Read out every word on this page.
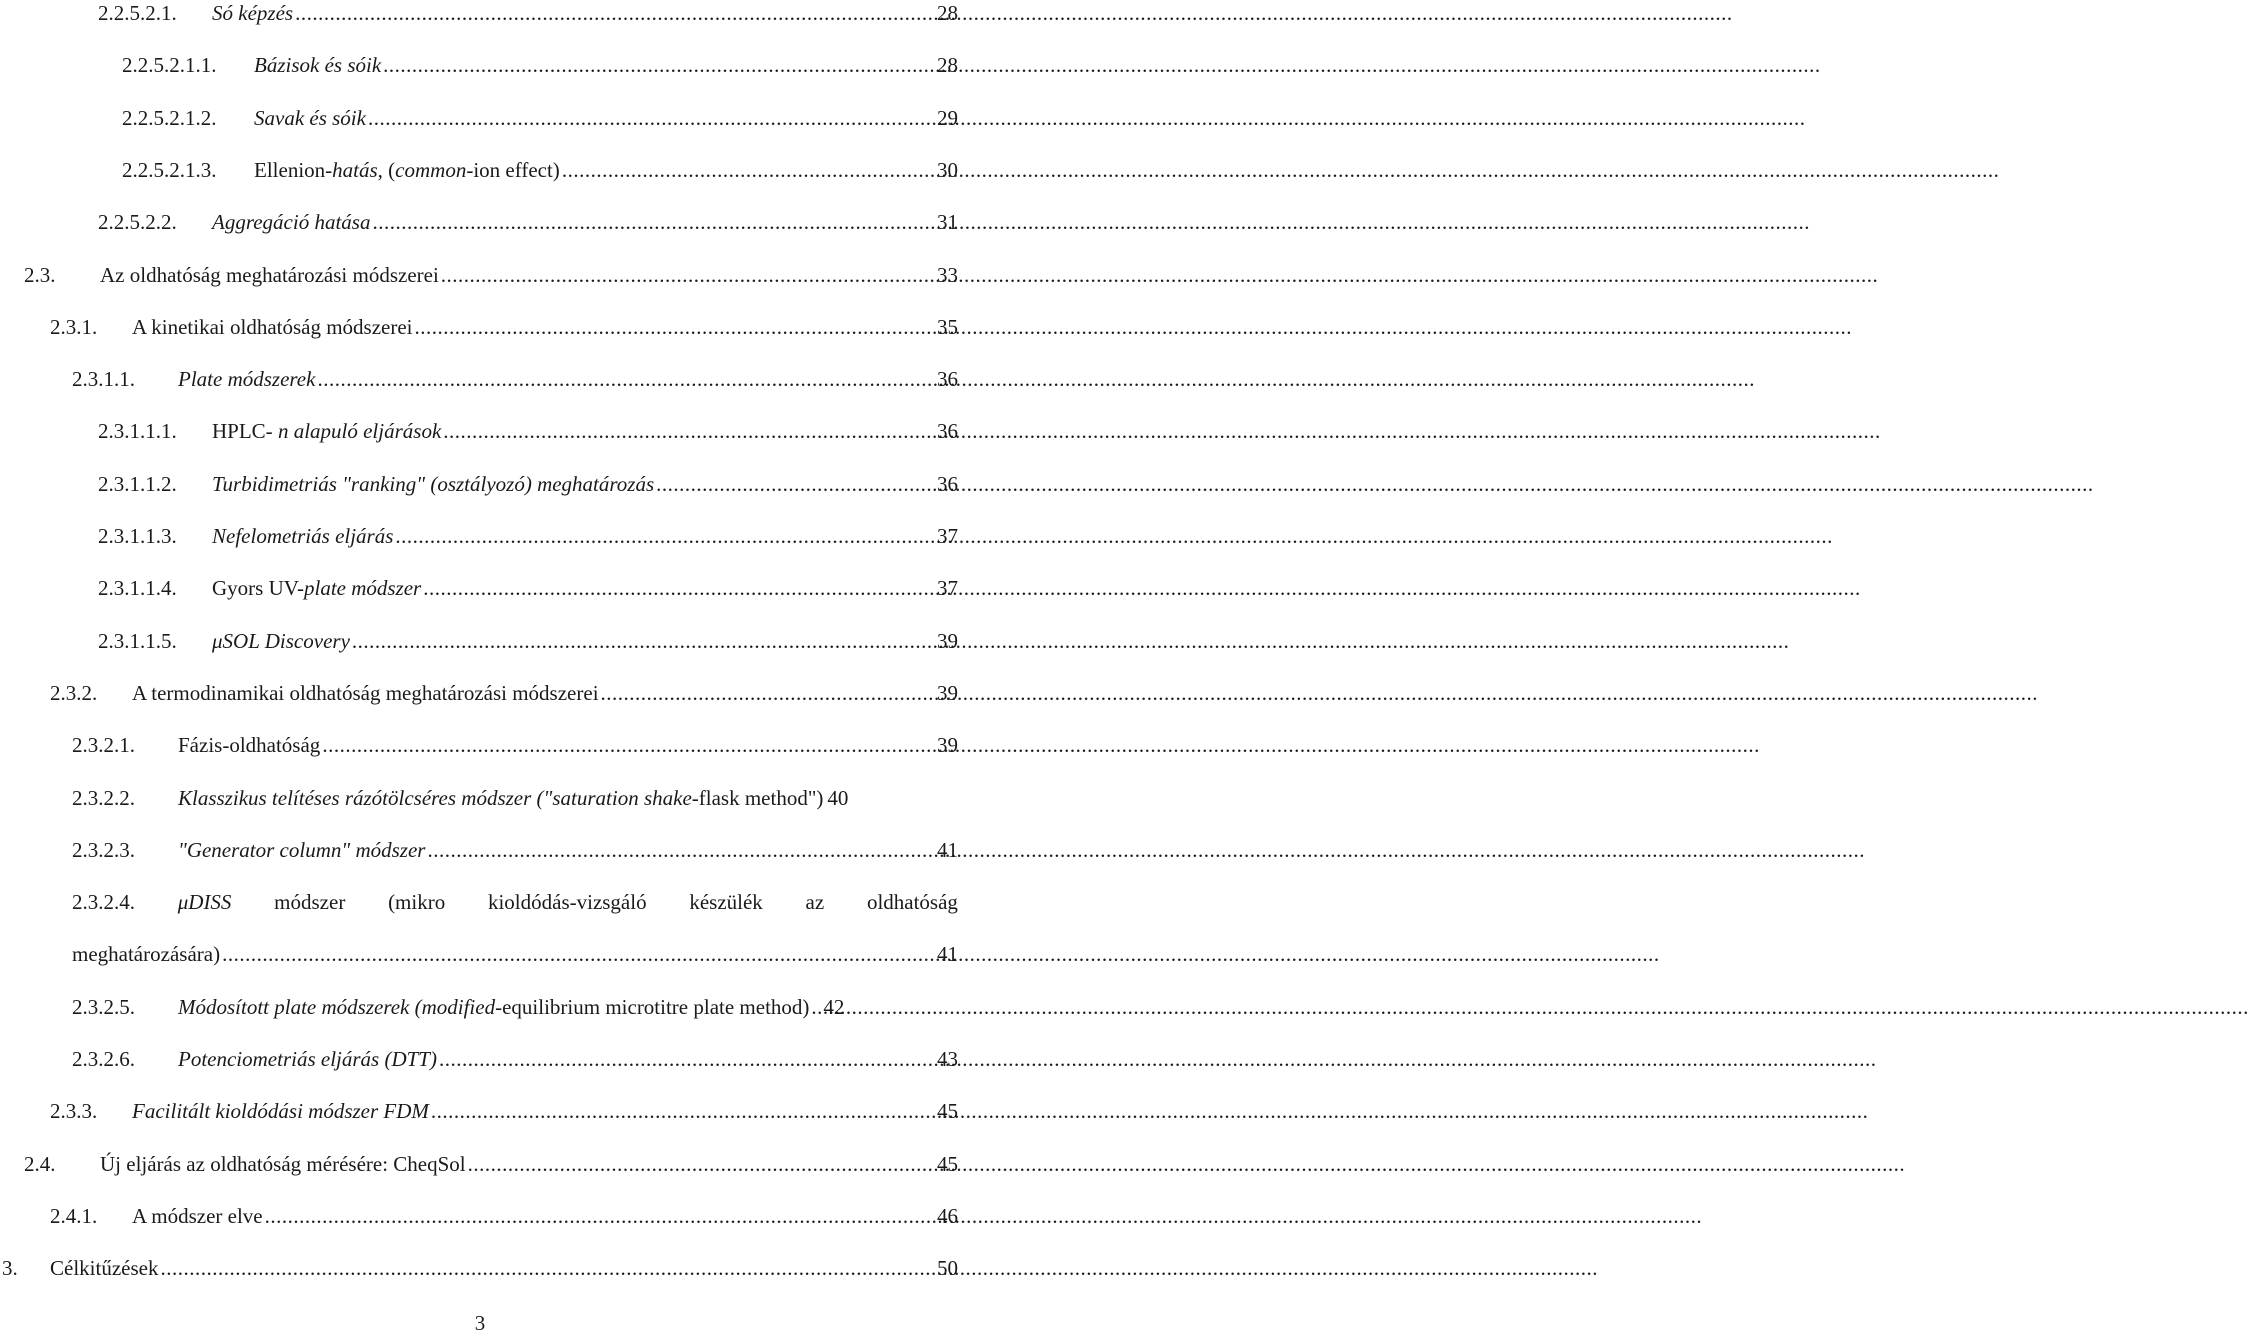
2.2.5.2.1.	Só képzés .....	28
2.2.5.2.1.1.	Bázisok és sóik .....	28
2.2.5.2.1.2.	Savak és sóik .....	29
2.2.5.2.1.3.	Ellenion-hatás, (common-ion effect) .....	30
2.2.5.2.2.	Aggregáció hatása .....	31
2.3.	Az oldhatóság meghatározási módszerei .....	33
2.3.1.	A kinetikai oldhatóság módszerei .....	35
2.3.1.1.	Plate módszerek .....	36
2.3.1.1.1.	HPLC- n alapuló eljárások .....	36
2.3.1.1.2.	Turbidimetriás "ranking" (osztályozó) meghatározás .....	36
2.3.1.1.3.	Nefelometriás eljárás .....	37
2.3.1.1.4.	Gyors UV-plate módszer .....	37
2.3.1.1.5.	μSOL Discovery .....	39
2.3.2.	A termodinamikai oldhatóság meghatározási módszerei .....	39
2.3.2.1.	Fázis-oldhatóság .....	39
2.3.2.2.	Klasszikus telítéses rázótölcséres módszer ("saturation shake-flask method") 40
2.3.2.3.	"Generator column" módszer .....	41
2.3.2.4. μDISS módszer (mikro kioldódás-vizsgáló készülék az oldhatóság
meghatározására) .....	41
2.3.2.5.	Módosított plate módszerek (modified-equilibrium microtitre plate method) ..... 42
2.3.2.6.	Potenciometriás eljárás (DTT) .....	43
2.3.3.	Facilitált kioldódási módszer FDM .....	45
2.4.	Új eljárás az oldhatóság mérésére: CheqSol .....	45
2.4.1.	A módszer elve .....	46
3.	Célkitűzések .....	50
3
